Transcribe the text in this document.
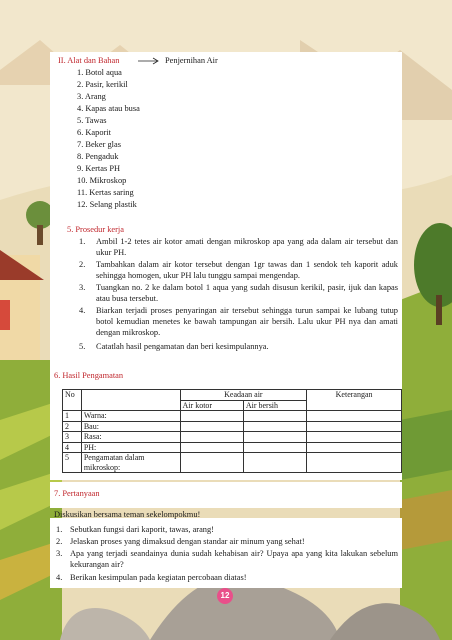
II. Alat dan Bahan	Penjernihan Air
1. Botol aqua
2. Pasir, kerikil
3. Arang
4. Kapas atau busa
5. Tawas
6. Kaporit
7. Beker glas
8. Pengaduk
9. Kertas PH
10. Mikroskop
11. Kertas saring
12. Selang plastik
5. Prosedur kerja
1. Ambil 1-2 tetes air kotor amati dengan mikroskop apa yang ada dalam air tersebut dan ukur PH.
2. Tambahkan dalam air kotor tersebut dengan 1gr tawas dan 1 sendok teh kaporit aduk sehingga homogen, ukur PH lalu tunggu sampai mengendap.
3. Tuangkan no. 2 ke dalam botol 1 aqua yang sudah disusun kerikil, pasir, ijuk dan kapas atau busa tersebut.
4. Biarkan terjadi proses penyaringan air tersebut sehingga turun sampai ke lubang tutup botol kemudian menetes ke bawah tampungan air bersih. Lalu ukur PH nya dan amati dengan mikroskop.
5. Catatlah hasil pengamatan dan beri kesimpulannya.
6. Hasil Pengamatan
No		Keadaan air		Keterangan
		Air kotor	Air bersih	
1	Warna:			
2	Bau:			
3	Rasa:			
4	PH:			
5	Pengamatan dalam mikroskop:			
7. Pertanyaan
Diskusikan bersama teman sekelompokmu!
1. Sebutkan fungsi dari kaporit, tawas, arang!
2. Jelaskan proses yang dimaksud dengan standar air minum yang sehat!
3. Apa yang terjadi seandainya dunia sudah kehabisan air? Upaya apa yang kita lakukan sebelum kekurangan air?
4. Berikan kesimpulan pada kegiatan percobaan diatas!
12
